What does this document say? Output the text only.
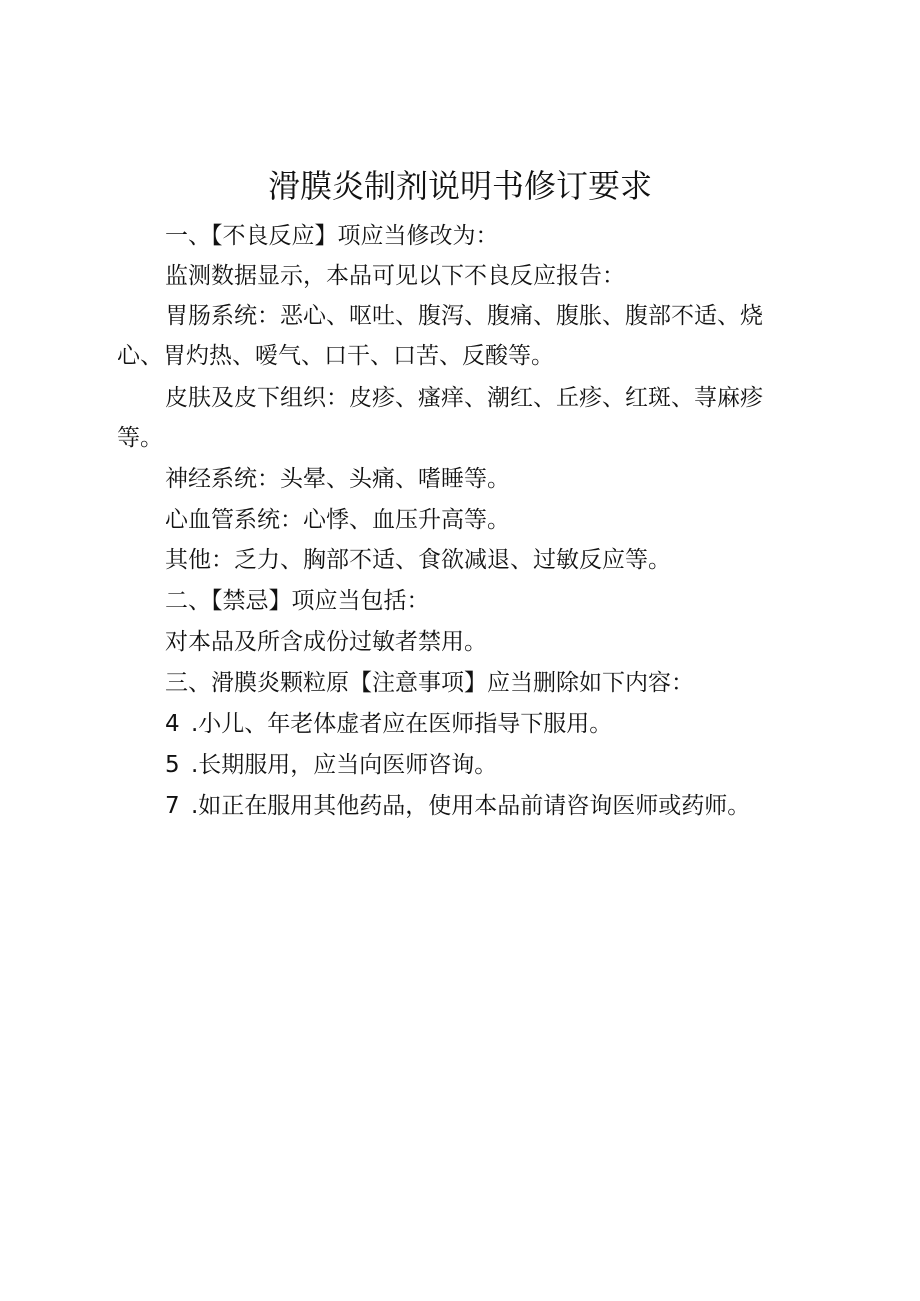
滑膜炎制剂说明书修订要求
一、【不良反应】项应当修改为：
监测数据显示，本品可见以下不良反应报告：
胃肠系统：恶心、呕吐、腹泻、腹痛、腹胀、腹部不适、烧
心、胃灼热、嗳气、口干、口苦、反酸等。
皮肤及皮下组织：皮疹、瘙痒、潮红、丘疹、红斑、荨麻疹
等。
神经系统：头晕、头痛、嗜睡等。
心血管系统：心悸、血压升高等。
其他：乏力、胸部不适、食欲减退、过敏反应等。
二、【禁忌】项应当包括：
对本品及所含成份过敏者禁用。
三、滑膜炎颗粒原【注意事项】应当删除如下内容：
4 .小儿、年老体虚者应在医师指导下服用。
5 .长期服用，应当向医师咨询。
7 .如正在服用其他药品，使用本品前请咨询医师或药师。
